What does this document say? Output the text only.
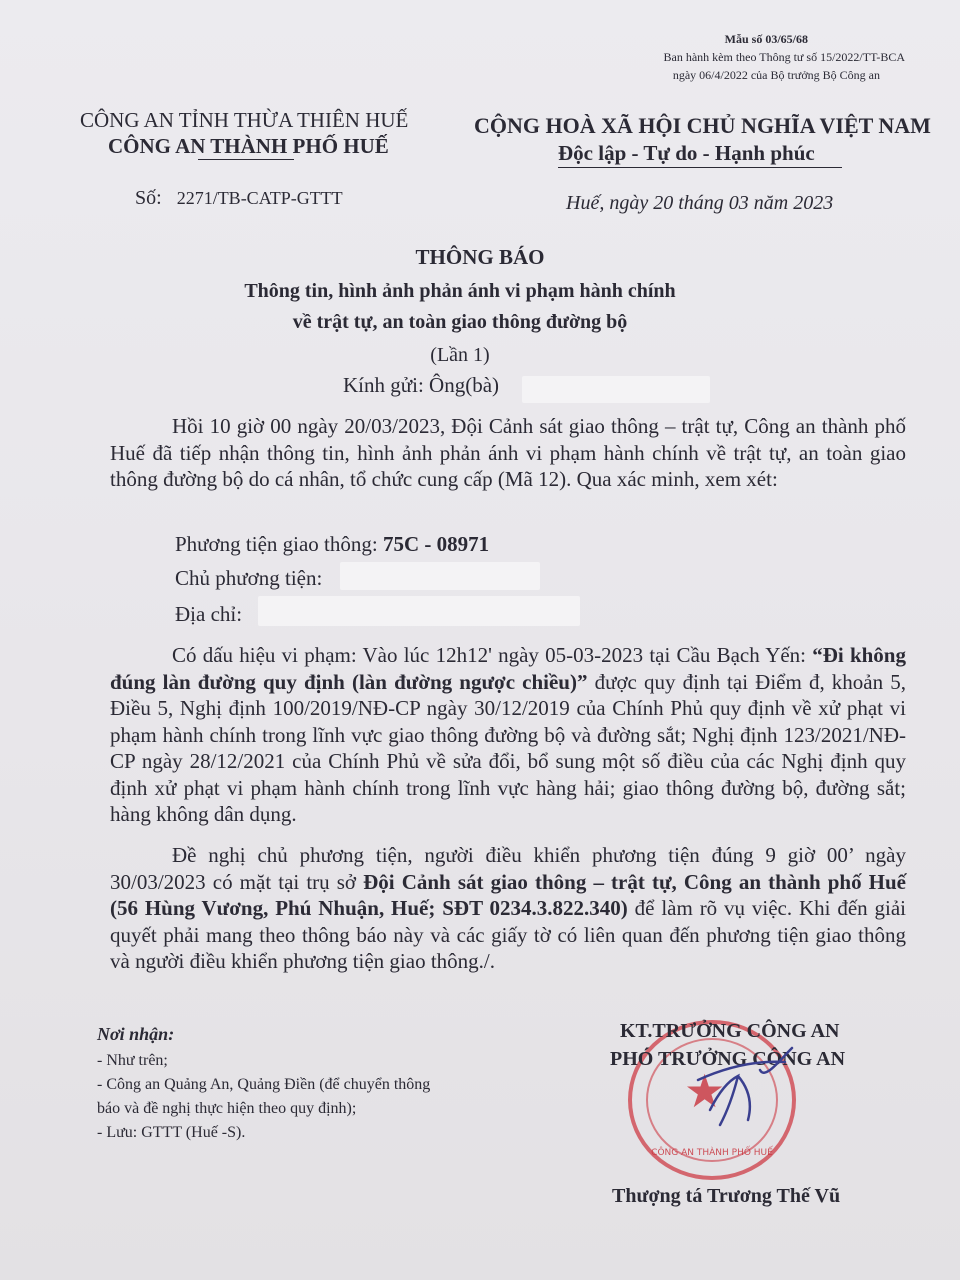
Mẫu số 03/65/68
Ban hành kèm theo Thông tư số 15/2022/TT-BCA
ngày 06/4/2022 của Bộ trưởng Bộ Công an
CÔNG AN TỈNH THỪA THIÊN HUẾ
CÔNG AN THÀNH PHỐ HUẾ
CỘNG HOÀ XÃ HỘI CHỦ NGHĨA VIỆT NAM
Độc lập - Tự do - Hạnh phúc
Số: 2271/TB-CATP-GTTT	Huế, ngày 20 tháng 03 năm 2023
THÔNG BÁO
Thông tin, hình ảnh phản ánh vi phạm hành chính
về trật tự, an toàn giao thông đường bộ
(Lần 1)
Kính gửi: Ông(bà)
Hồi 10 giờ 00 ngày 20/03/2023, Đội Cảnh sát giao thông – trật tự, Công an thành phố Huế đã tiếp nhận thông tin, hình ảnh phản ánh vi phạm hành chính về trật tự, an toàn giao thông đường bộ do cá nhân, tổ chức cung cấp (Mã 12). Qua xác minh, xem xét:
Phương tiện giao thông: 75C - 08971
Chủ phương tiện:
Địa chỉ:
Có dấu hiệu vi phạm: Vào lúc 12h12' ngày 05-03-2023 tại Cầu Bạch Yến: “Đi không đúng làn đường quy định (làn đường ngược chiều)” được quy định tại Điểm đ, khoản 5, Điều 5, Nghị định 100/2019/NĐ-CP ngày 30/12/2019 của Chính Phủ quy định về xử phạt vi phạm hành chính trong lĩnh vực giao thông đường bộ và đường sắt; Nghị định 123/2021/NĐ-CP ngày 28/12/2021 của Chính Phủ về sửa đổi, bổ sung một số điều của các Nghị định quy định xử phạt vi phạm hành chính trong lĩnh vực hàng hải; giao thông đường bộ, đường sắt; hàng không dân dụng.
Đề nghị chủ phương tiện, người điều khiển phương tiện đúng 9 giờ 00’ ngày 30/03/2023 có mặt tại trụ sở Đội Cảnh sát giao thông – trật tự, Công an thành phố Huế (56 Hùng Vương, Phú Nhuận, Huế; SĐT 0234.3.822.340) để làm rõ vụ việc. Khi đến giải quyết phải mang theo thông báo này và các giấy tờ có liên quan đến phương tiện giao thông và người điều khiển phương tiện giao thông./.
Nơi nhận:
- Như trên;
- Công an Quảng An, Quảng Điền (để chuyển thông
báo và đề nghị thực hiện theo quy định);
- Lưu: GTTT (Huế -S).
★
CÔNG AN THÀNH PHỐ HUẾ
KT.TRƯỞNG CÔNG AN
PHÓ TRƯỞNG CÔNG AN
Thượng tá Trương Thế Vũ
